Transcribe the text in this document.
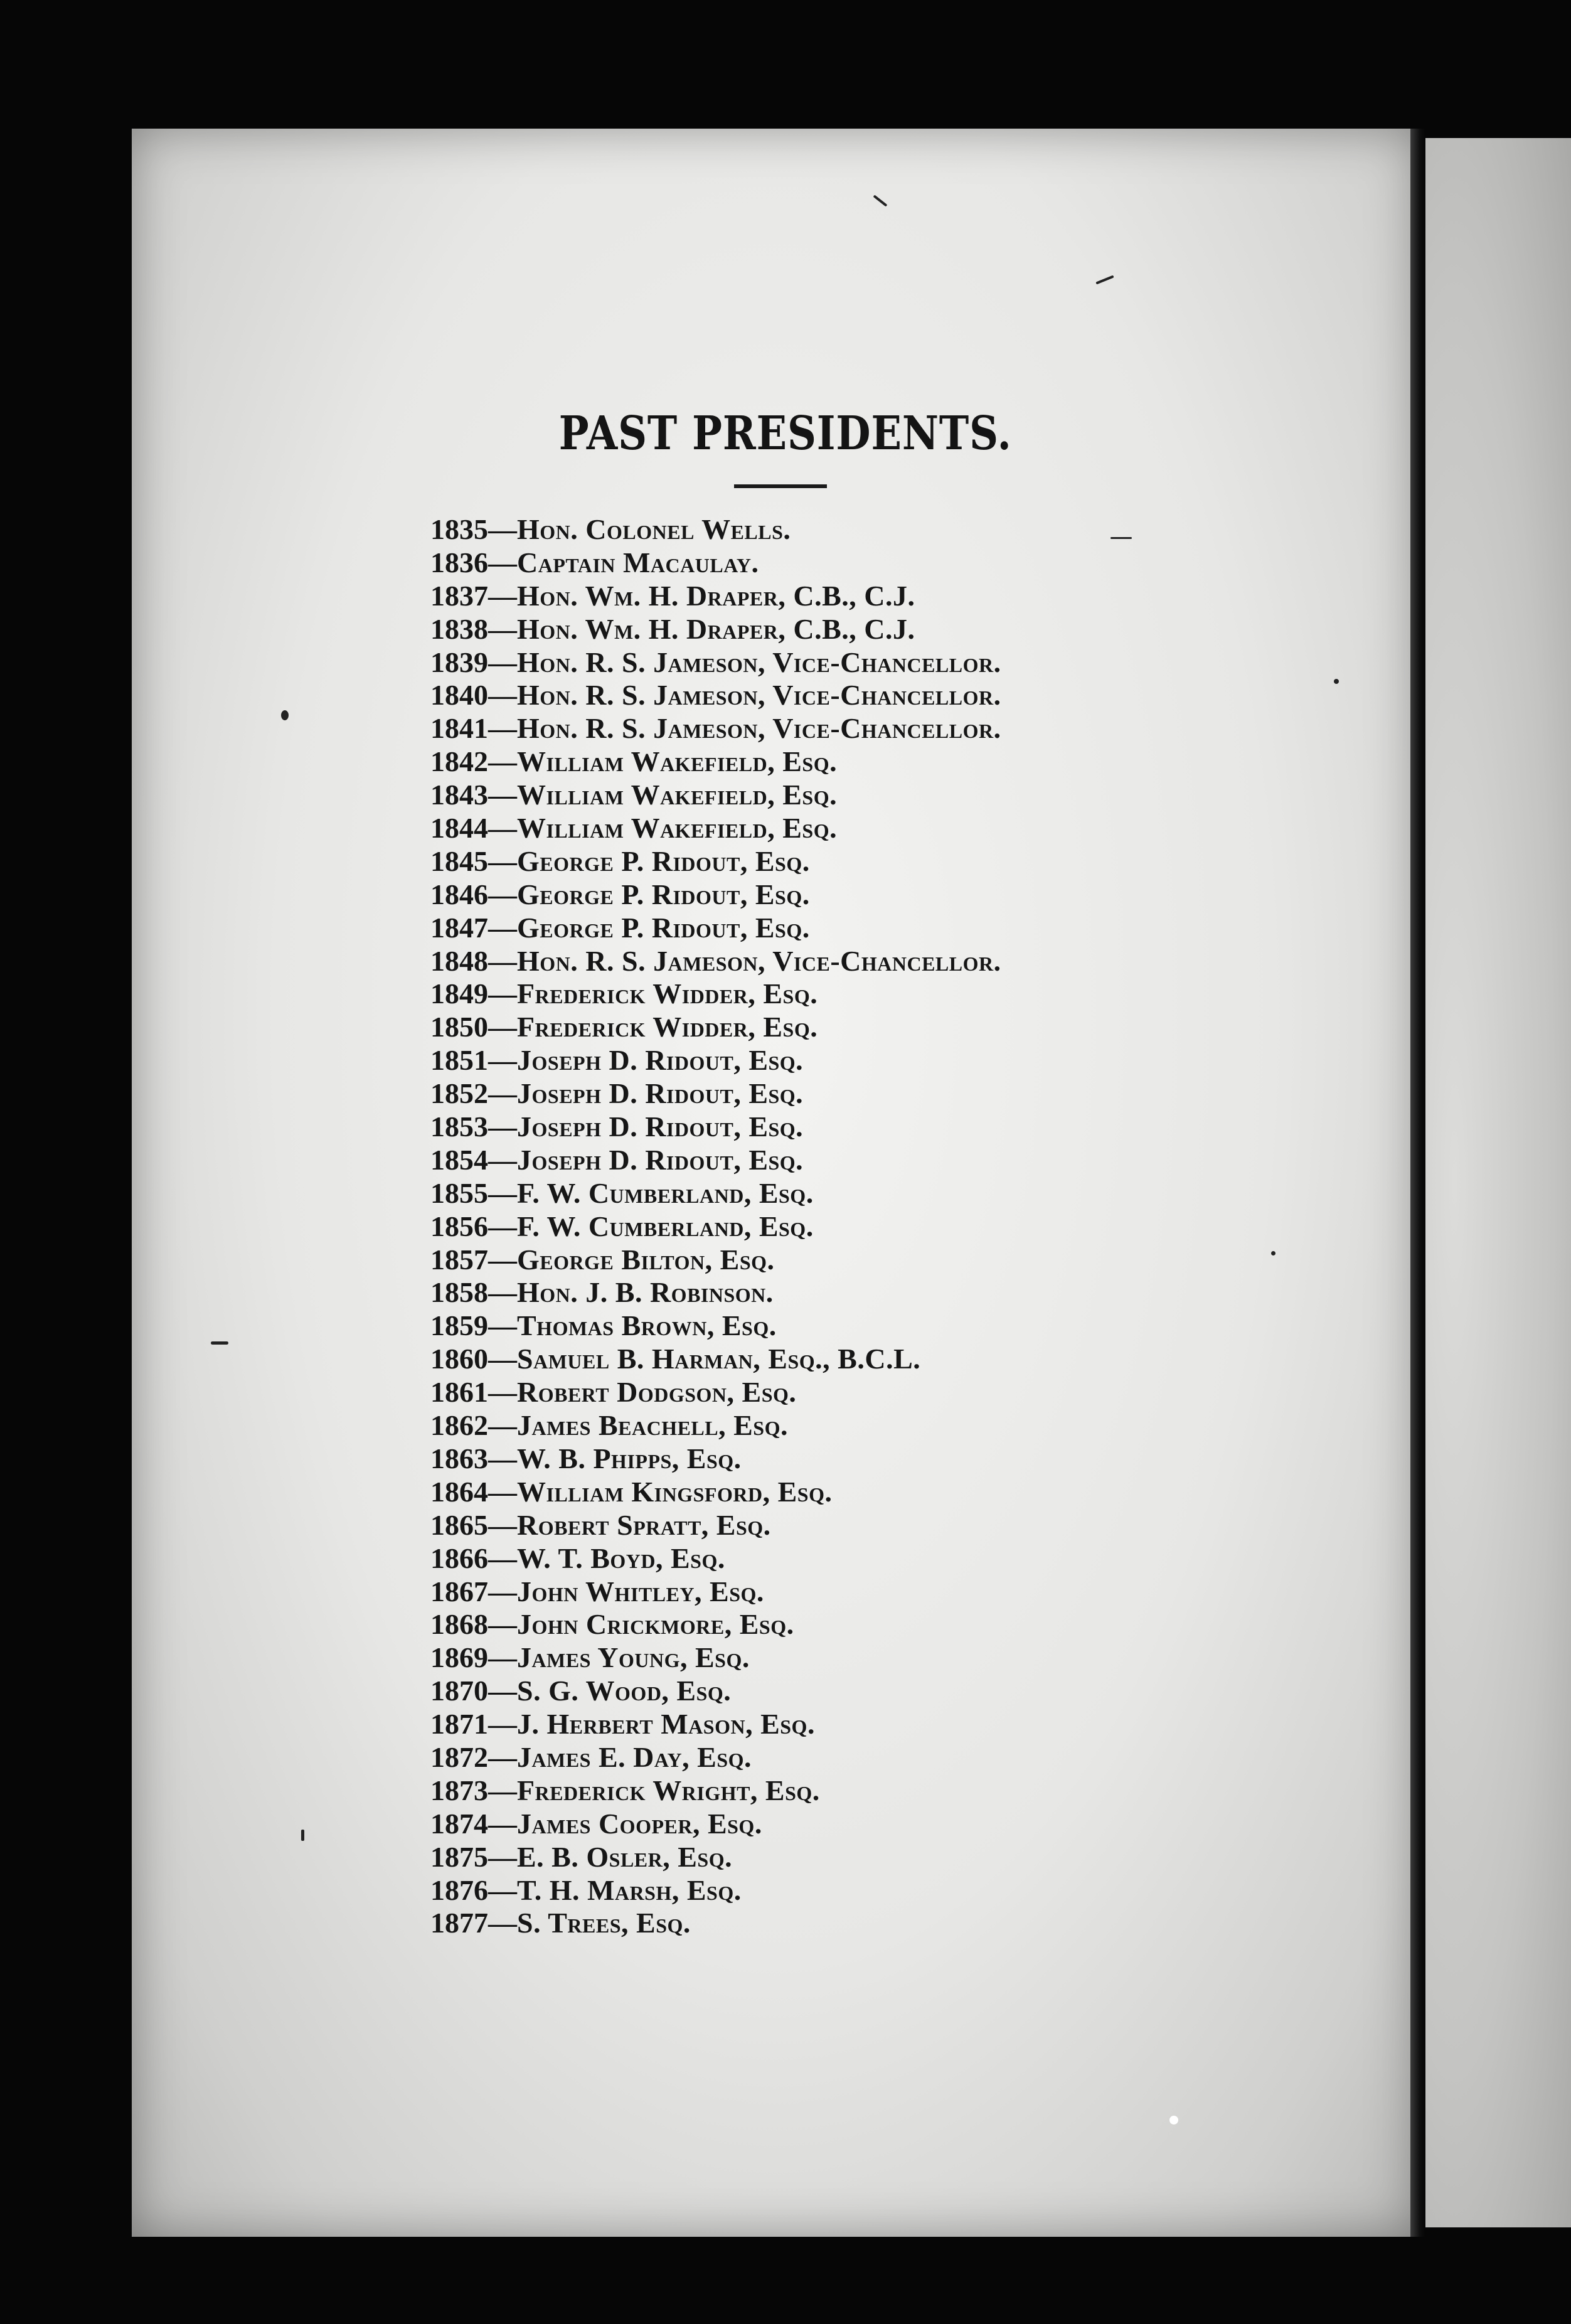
PAST PRESIDENTS.
1835—Hon. Colonel Wells.
1836—Captain Macaulay.
1837—Hon. Wm. H. Draper, C.B., C.J.
1838—Hon. Wm. H. Draper, C.B., C.J.
1839—Hon. R. S. Jameson, Vice-Chancellor.
1840—Hon. R. S. Jameson, Vice-Chancellor.
1841—Hon. R. S. Jameson, Vice-Chancellor.
1842—William Wakefield, Esq.
1843—William Wakefield, Esq.
1844—William Wakefield, Esq.
1845—George P. Ridout, Esq.
1846—George P. Ridout, Esq.
1847—George P. Ridout, Esq.
1848—Hon. R. S. Jameson, Vice-Chancellor.
1849—Frederick Widder, Esq.
1850—Frederick Widder, Esq.
1851—Joseph D. Ridout, Esq.
1852—Joseph D. Ridout, Esq.
1853—Joseph D. Ridout, Esq.
1854—Joseph D. Ridout, Esq.
1855—F. W. Cumberland, Esq.
1856—F. W. Cumberland, Esq.
1857—George Bilton, Esq.
1858—Hon. J. B. Robinson.
1859—Thomas Brown, Esq.
1860—Samuel B. Harman, Esq., B.C.L.
1861—Robert Dodgson, Esq.
1862—James Beachell, Esq.
1863—W. B. Phipps, Esq.
1864—William Kingsford, Esq.
1865—Robert Spratt, Esq.
1866—W. T. Boyd, Esq.
1867—John Whitley, Esq.
1868—John Crickmore, Esq.
1869—James Young, Esq.
1870—S. G. Wood, Esq.
1871—J. Herbert Mason, Esq.
1872—James E. Day, Esq.
1873—Frederick Wright, Esq.
1874—James Cooper, Esq.
1875—E. B. Osler, Esq.
1876—T. H. Marsh, Esq.
1877—S. Trees, Esq.
